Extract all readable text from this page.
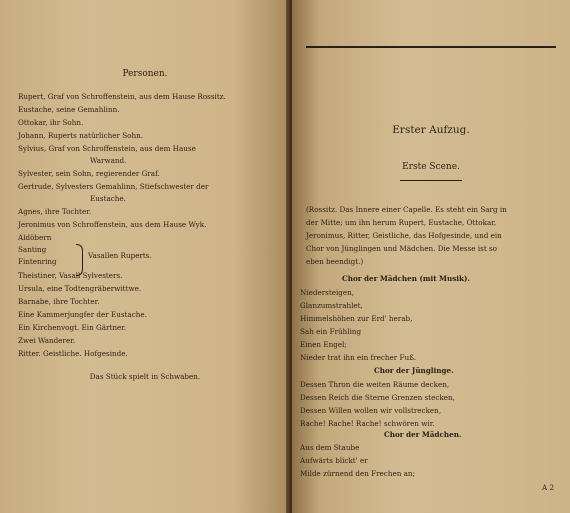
Personen.
Rupert, Graf von Schroffenstein, aus dem Hause Rossitz.
Eustache, seine Gemahlinn.
Ottokar, ihr Sohn.
Johann, Ruperts natürlicher Sohn.
Sylvius, Graf von Schroffenstein, aus dem Hause
Warwand.
Sylvester, sein Sohn, regierender Graf.
Gertrude, Sylvesters Gemahlinn, Stiefschwester der
Eustache.
Agnes, ihre Tochter.
Jeronimus von Schroffenstein, aus dem Hause Wyk.
Aldöbern
Santing
Fintenring
Vasallen Ruperts.
Theistiner, Vasall Sylvesters.
Ursula, eine Todtengräberwittwe.
Barnabe, ihre Tochter.
Eine Kammerjungfer der Eustache.
Ein Kirchenvogt. Ein Gärtner.
Zwei Wanderer.
Ritter. Geistliche. Hofgesinde.
Das Stück spielt in Schwaben.
Erster Aufzug.
Erste Scene.
(Rossitz. Das Innere einer Capelle. Es steht ein Sarg in
der Mitte; um ihn herum Rupert, Eustache, Ottokar,
Jeronimus, Ritter, Geistliche, das Hofgesinde, und ein
Chor von Jünglingen und Mädchen. Die Messe ist so
eben beendigt.)
Chor der Mädchen (mit Musik).
Niedersteigen,
Glanzumstrahlet,
Himmelshöhen zur Erd' herab,
Sah ein Frühling
Einen Engel;
Nieder trat ihn ein frecher Fuß.
Chor der Jünglinge.
Dessen Thron die weiten Räume decken,
Dessen Reich die Sterne Grenzen stecken,
Dessen Willen wollen wir vollstrecken,
Rache! Rache! Rache! schwören wir.
Chor der Mädchen.
Aus dem Staube
Aufwärts blickt' er
Milde zürnend den Frechen an;
A 2
